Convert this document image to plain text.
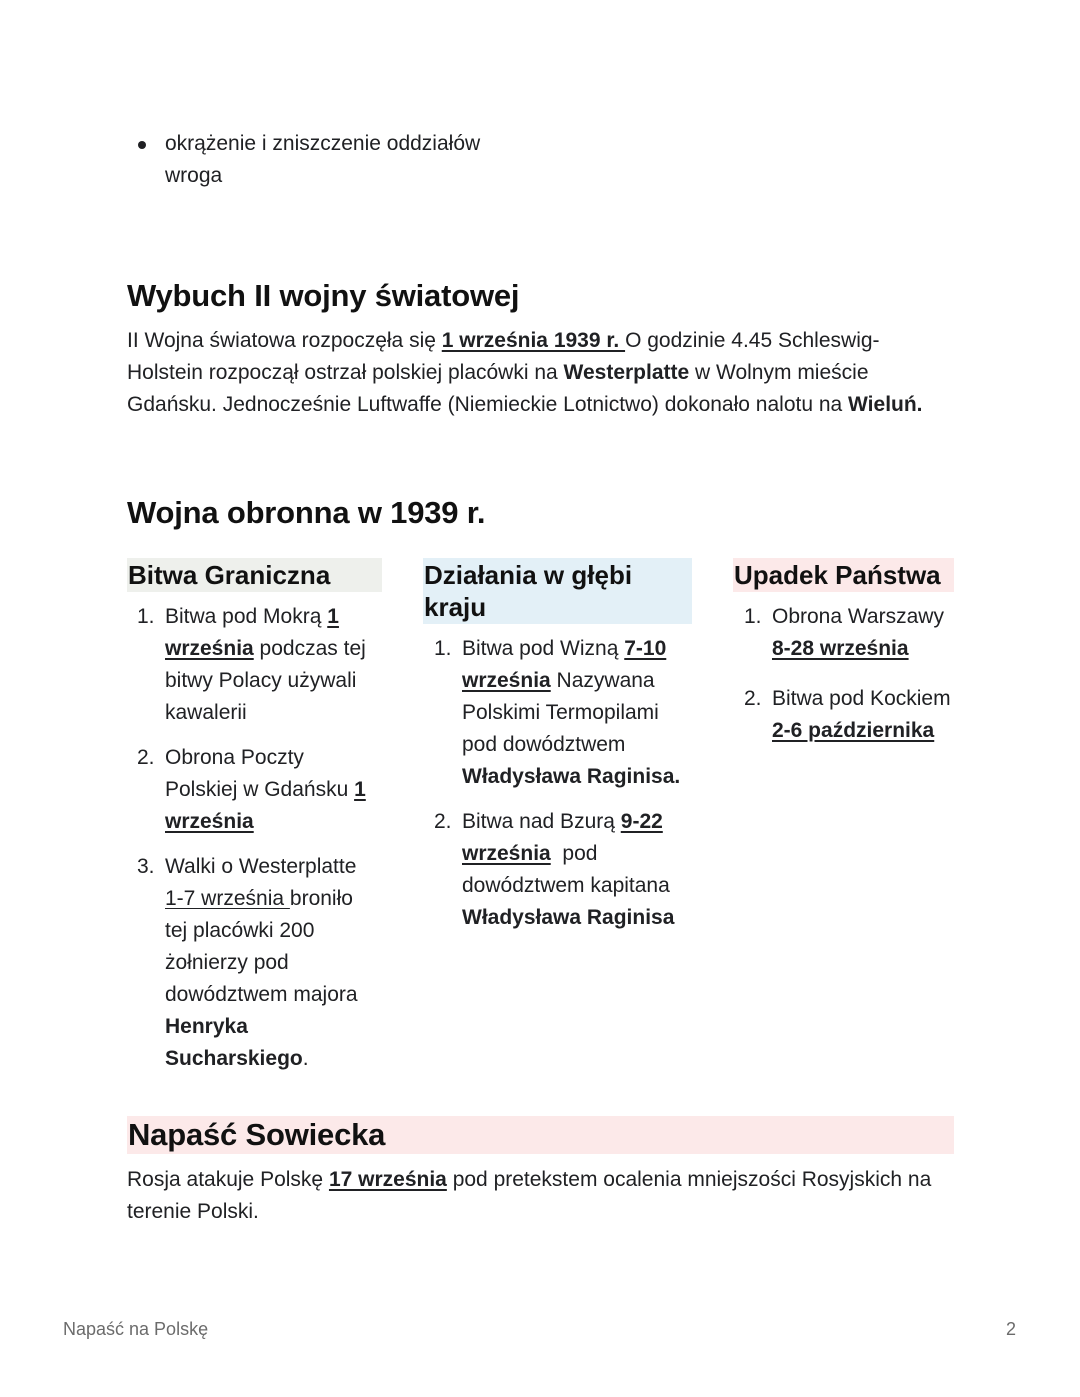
okrążenie i zniszczenie oddziałów
wroga
Wybuch II wojny światowej
II Wojna światowa rozpoczęła się 1 września 1939 r. O godzinie 4.45 Schleswig-
Holstein rozpoczął ostrzał polskiej placówki na Westerplatte w Wolnym mieście
Gdańsku. Jednocześnie Luftwaffe (Niemieckie Lotnictwo) dokonało nalotu na Wieluń.
Wojna obronna w 1939 r.
Bitwa Graniczna	Działania w głębi
kraju
Upadek Państwa
1. Bitwa pod Mokrą 1
września podczas tej
bitwy Polacy używali
kawalerii
2. Obrona Poczty
Polskiej w Gdańsku 1
września
3. Walki o Westerplatte
1-7 września broniło
tej placówki 200
żołnierzy pod
dowództwem majora
Henryka
Sucharskiego.
1. Bitwa pod Wizną 7-10
września Nazywana
Polskimi Termopilami
pod dowództwem
Władysława Raginisa.
2. Bitwa nad Bzurą 9-22
września  pod
dowództwem kapitana
Władysława Raginisa
1. Obrona Warszawy
8-28 września
2. Bitwa pod Kockiem
2-6 października
Napaść Sowiecka
Rosja atakuje Polskę 17 września pod pretekstem ocalenia mniejszości Rosyjskich na
terenie Polski.
Napaść na Polskę	2
